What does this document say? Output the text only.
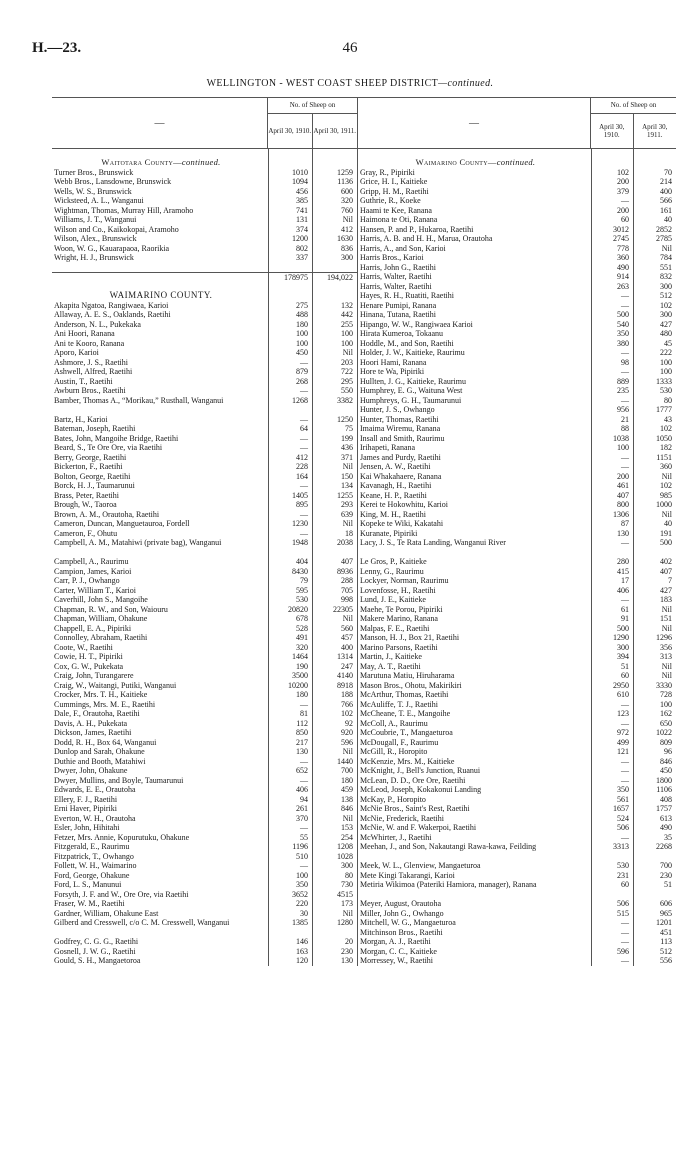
H.—23.	46
WELLINGTON - WEST COAST SHEEP DISTRICT—continued.
—
No. of Sheep on
April 30, 1910. April 30, 1911.
Waitotara County—continued.
Turner Bros., Brunswick	1010	1259
Webb Bros., Lansdowne, Brunswick	1094	1136
Wells, W. S., Brunswick	456	600
Wicksteed, A. L., Wanganui	385	320
Wightman, Thomas, Murray Hill, Aramoho	741	760
Williams, J. T., Wanganui	131	Nil
Wilson and Co., Kaikokopai, Aramoho	374	412
Wilson, Alex., Brunswick	1200	1630
Woon, W. G., Kauarapaoa, Raorikia	802	836
Wright, H. J., Brunswick	337	300
178975	194,022
WAIMARINO COUNTY.
Akapita Ngatoa, Rangiwaea, Karioi	275	132
Allaway, A. E. S., Oaklands, Raetihi	488	442
Anderson, N. L., Pukekaka	180	255
Ani Hoori, Ranana	100	100
Ani te Kooro, Ranana	100	100
Aporo, Karioi	450	Nil
Ashmore, J. S., Raetihi	—	203
Ashwell, Alfred, Raetihi	879	722
Austin, T., Raetihi	268	295
Awburn Bros., Raetihi	—	550
Bamber, Thomas A., “Morikau,” Rusthall, Wanganui	1268	3382
Bartz, H., Karioi	—	1250
Bateman, Joseph, Raetihi	64	75
Bates, John, Mangoihe Bridge, Raetihi	—	199
Beard, S., Te Ore Ore, via Raetihi	—	436
Berry, George, Raetihi	412	371
Bickerton, F., Raetihi	228	Nil
Bolton, George, Raetihi	164	150
Borck, H. J., Taumarunui	—	134
Brass, Peter, Raetihi	1405	1255
Brough, W., Taoroa	895	293
Brown, A. M., Orautoha, Raetihi	—	639
Cameron, Duncan, Manguetauroa, Fordell	1230	Nil
Cameron, F., Ohutu	—	18
Campbell, A. M., Matahiwi (private bag), Wanganui	1948	2038
Campbell, A., Raurimu	404	407
Campion, James, Karioi	8430	8936
Carr, P. J., Owhango	79	288
Carter, William T., Karioi	595	705
Caverhill, John S., Mangoihe	530	998
Chapman, R. W., and Son, Waiouru	20820	22305
Chapman, William, Ohakune	678	Nil
Chappell, E. A., Pipiriki	528	560
Connolley, Abraham, Raetihi	491	457
Coote, W., Raetihi	320	400
Cowie, H. T., Pipiriki	1464	1314
Cox, G. W., Pukekata	190	247
Craig, John, Turangarere	3500	4140
Craig, W., Waitangi, Putiki, Wanganui	10200	8918
Crocker, Mrs. T. H., Kaitieke	180	188
Cummings, Mrs. M. E., Raetihi	—	766
Dale, F., Orautoha, Raetihi	81	102
Davis, A. H., Pukekata	112	92
Dickson, James, Raetihi	850	920
Dodd, R. H., Box 64, Wanganui	217	596
Dunlop and Sarah, Ohakune	130	Nil
Duthie and Booth, Matahiwi	—	1440
Dwyer, John, Ohakune	652	700
Dwyer, Mullins, and Boyle, Taumarunui	—	180
Edwards, E. E., Orautoha	406	459
Ellery, F. J., Raetihi	94	138
Erni Haver, Pipiriki	261	846
Everton, W. H., Orautoha	370	Nil
Esler, John, Hihitahi	—	153
Fetzer, Mrs. Annie, Kopurutuku, Ohakune	55	254
Fitzgerald, E., Raurimu	1196	1208
Fitzpatrick, T., Owhango	510	1028
Follett, W. H., Waimarino	—	300
Ford, George, Ohakune	100	80
Ford, L. S., Manunui	350	730
Forsyth, J. F. and W., Ore Ore, via Raetihi	3652	4515
Fraser, W. M., Raetihi	220	173
Gardner, William, Ohakune East	30	Nil
Gilberd and Cresswell, c/o C. M. Cresswell, Wanganui	1385	1280
Godfrey, C. G. G., Raetihi	146	20
Gosnell, J. W. G., Raetihi	163	230
Gould, S. H., Mangaetoroa	120	130
—
No. of Sheep on
April 30, 1910.
April 30, 1911.
Waimarino County—continued.
Gray, R., Pipiriki	102	70
Grice, H. I., Kaitieke	200	214
Gripp, H. M., Raetihi	379	400
Guthrie, R., Koeke	—	566
Haami te Kee, Ranana	200	161
Haimona te Oti, Ranana	60	40
Hansen, P. and P., Hukaroa, Raetihi	3012	2852
Harris, A. B. and H. H., Marua, Orautoha	2745	2785
Harris, A., and Son, Karioi	778	Nil
Harris Bros., Karioi	360	784
Harris, John G., Raetihi	490	551
Harris, Walter, Raetihi	914	832
Harris, Walter, Raetihi	263	300
Hayes, R. H., Ruatiti, Raetihi	—	512
Henare Pumipi, Ranana	—	102
Hinana, Tutana, Raetihi	500	300
Hipango, W. W., Rangiwaea Karioi	540	427
Hirata Kumeroa, Tokaanu	350	480
Hoddle, M., and Son, Raetihi	380	45
Holder, J. W., Kaitieke, Raurimu	—	222
Hoori Hami, Ranana	98	100
Hore te Wa, Pipiriki	—	100
Hullten, J. G., Kaitieke, Raurimu	889	1333
Humphrey, E. G., Waituna West	235	530
Humphreys, G. H., Taumarunui	—	80
Hunter, J. S., Owhango	956	1777
Hunter, Thomas, Raetihi	21	43
Imaima Wiremu, Ranana	88	102
Insall and Smith, Raurimu	1038	1050
Irihapeti, Ranana	100	182
James and Purdy, Raetihi	—	1151
Jensen, A. W., Raetihi	—	360
Kai Whakahaere, Ranana	200	Nil
Kavanagh, H., Raetihi	461	102
Keane, H. P., Raetihi	407	985
Kerei te Hokowhitu, Karioi	800	1000
King, M. H., Raetihi	1306	Nil
Kopeke te Wiki, Kakatahi	87	40
Kuranate, Pipiriki	130	191
Lacy, J. S., Te Rata Landing, Wanganui River	—	500
Le Gros, P., Kaitieke	280	402
Lenny, G., Raurimu	415	407
Lockyer, Norman, Raurimu	17	7
Lovenfosse, H., Raetihi	406	427
Lund, J. E., Kaitieke	—	183
Maehe, Te Porou, Pipiriki	61	Nil
Makere Marino, Ranana	91	151
Malpas, F. E., Raetihi	500	Nil
Manson, H. J., Box 21, Raetihi	1290	1296
Marino Parsons, Raetihi	300	356
Martin, J., Kaitieke	394	313
May, A. T., Raetihi	51	Nil
Marutuna Matiu, Hiruharama	60	Nil
Mason Bros., Ohotu, Makirikiri	2950	3330
McArthur, Thomas, Raetihi	610	728
McAuliffe, T. J., Raetihi	—	100
McCheane, T. E., Mangoihe	123	162
McColl, A., Raurimu	—	650
McCoubrie, T., Mangaeturoa	972	1022
McDougall, F., Raurimu	499	809
McGill, R., Horopito	121	96
McKenzie, Mrs. M., Kaitieke	—	846
McKnight, J., Bell's Junction, Ruanui	—	450
McLean, D. D., Ore Ore, Raetihi	—	1800
McLeod, Joseph, Kokakonui Landing	350	1106
McKay, P., Horopito	561	408
McNie Bros., Saint's Rest, Raetihi	1657	1757
McNie, Frederick, Raetihi	524	613
McNie, W. and F. Wakerpoi, Raetihi	506	490
McWhirter, J., Raetihi	—	35
Meehan, J., and Son, Nakautangi Rawa-kawa, Feilding	3313	2268
Meek, W. L., Glenview, Mangaeturoa	530	700
Mete Kingi Takarangi, Karioi	231	230
Metiria Wikimoa (Pateriki Hamiora, manager), Ranana	60	51
Meyer, August, Orautoha	506	606
Miller, John G., Owhango	515	965
Mitchell, W. G., Mangaeturoa	—	1201
Mitchinson Bros., Raetihi	—	451
Morgan, A. J., Raetihi	—	113
Morgan, C. C., Kaitieke	596	512
Morressey, W., Raetihi	—	556
